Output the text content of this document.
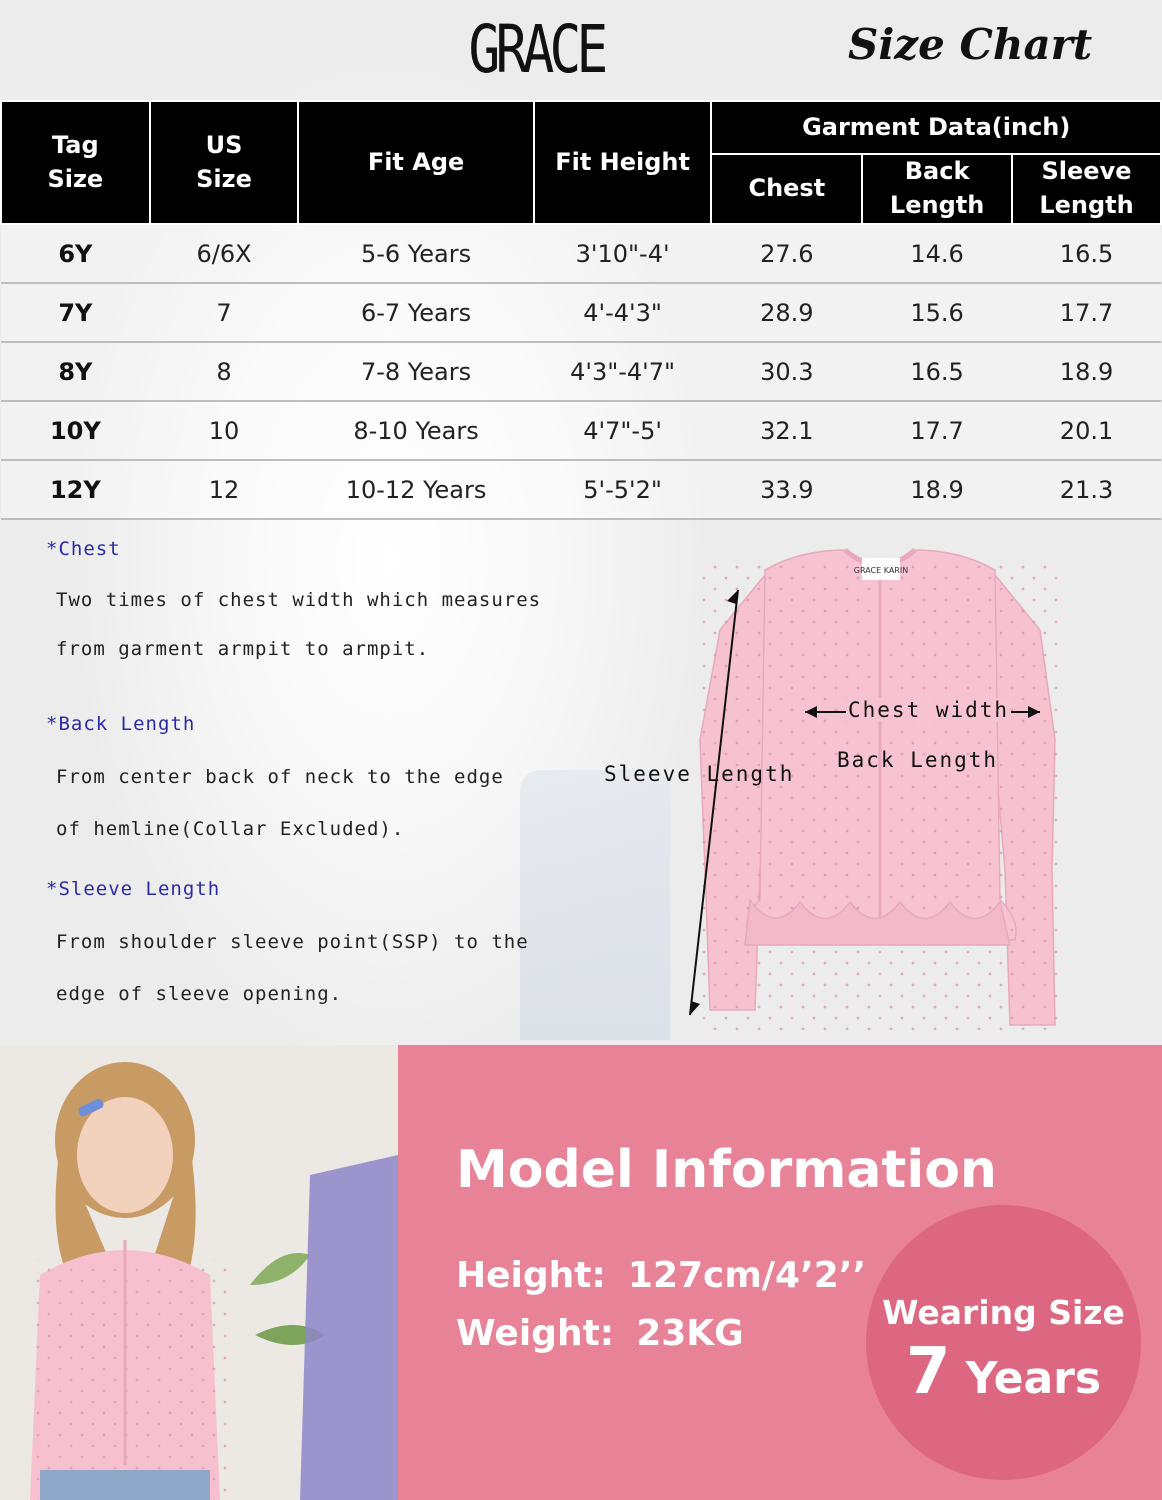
GRACE	Size Chart
Tag Size	US Size	Fit Age	Fit Height	Garment Data(inch)		
				Chest	Back Length	Sleeve Length

6Y	6/6X	5-6 Years	3'10"-4'	27.6	14.6	16.5
7Y	7	6-7 Years	4'-4'3"	28.9	15.6	17.7
8Y	8	7-8 Years	4'3"-4'7"	30.3	16.5	18.9
10Y	10	8-10 Years	4'7"-5'	32.1	17.7	20.1
12Y	12	10-12 Years	5'-5'2"	33.9	18.9	21.3
*Chest
Two times of chest width which measures
from garment armpit to armpit.
*Back Length
From center back of neck to the edge
of hemline(Collar Excluded).
*Sleeve Length
From shoulder sleeve point(SSP) to the
edge of sleeve opening.
GRACE KARIN
Chest width
Back Length
Sleeve Length
Model Information
Height: 127cm/4’2’’
Weight: 23KG
Wearing Size
7 Years
